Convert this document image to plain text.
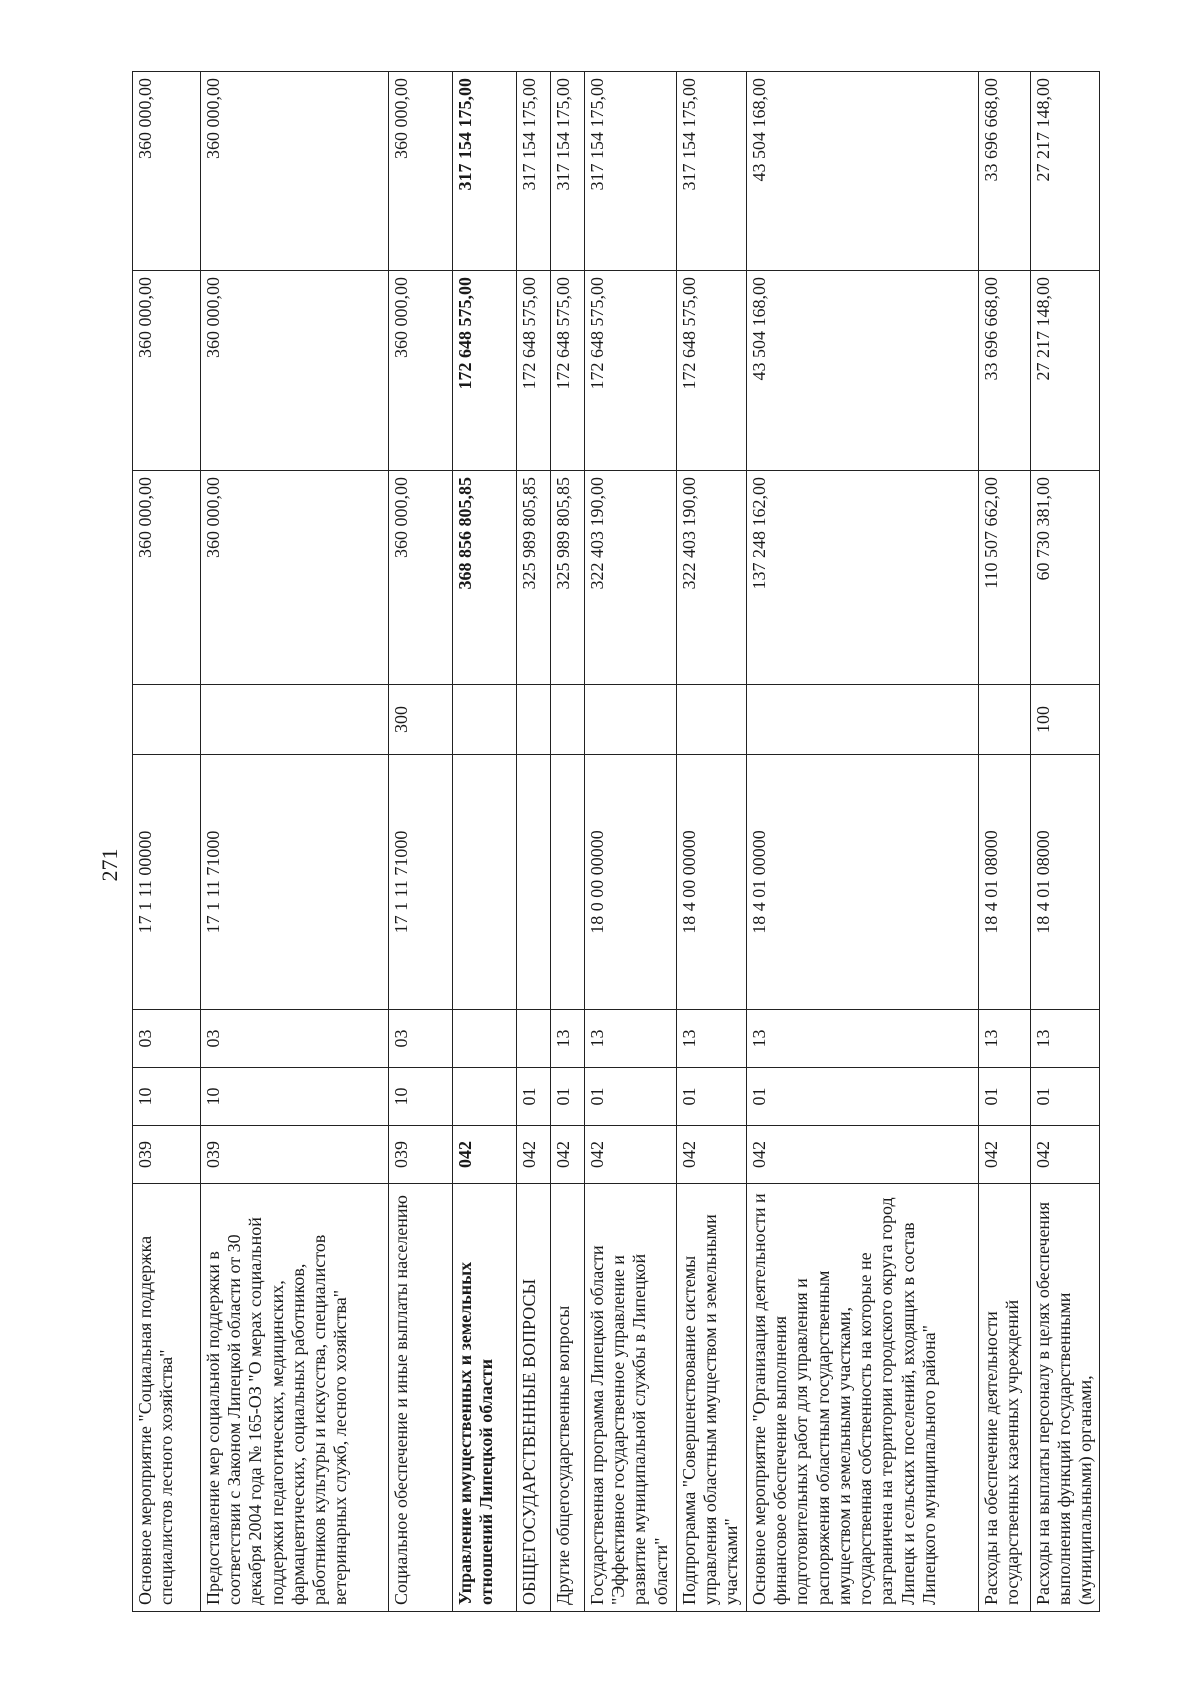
271
Основное мероприятие "Социальная поддержка специалистов лесного хозяйства"	039	10	03	17 1 11 00000		360 000,00	360 000,00	360 000,00
Предоставление мер социальной поддержки в соответствии с Законом Липецкой области от 30 декабря 2004 года № 165-ОЗ "О мерах социальной поддержки педагогических, медицинских, фармацевтических, социальных работников, работников культуры и искусства, специалистов ветеринарных служб, лесного хозяйства"	039	10	03	17 1 11 71000		360 000,00	360 000,00	360 000,00
Социальное обеспечение и иные выплаты населению	039	10	03	17 1 11 71000	300	360 000,00	360 000,00	360 000,00
Управление имущественных и земельных отношений Липецкой области	042					368 856 805,85	172 648 575,00	317 154 175,00
ОБЩЕГОСУДАРСТВЕННЫЕ ВОПРОСЫ	042	01				325 989 805,85	172 648 575,00	317 154 175,00
Другие общегосударственные вопросы	042	01	13			325 989 805,85	172 648 575,00	317 154 175,00
Государственная программа Липецкой области "Эффективное государственное управление и развитие муниципальной службы в Липецкой области"	042	01	13	18 0 00 00000		322 403 190,00	172 648 575,00	317 154 175,00
Подпрограмма "Совершенствование системы управления областным имуществом и земельными участками"	042	01	13	18 4 00 00000		322 403 190,00	172 648 575,00	317 154 175,00
Основное мероприятие "Организация деятельности и финансовое обеспечение выполнения подготовительных работ для управления и распоряжения областным государственным имуществом и земельными участками, государственная собственность на которые не разграничена на территории городского округа город Липецк и сельских поселений, входящих в состав Липецкого муниципального района"	042	01	13	18 4 01 00000		137 248 162,00	43 504 168,00	43 504 168,00
Расходы на обеспечение деятельности государственных казенных учреждений	042	01	13	18 4 01 08000		110 507 662,00	33 696 668,00	33 696 668,00
Расходы на выплаты персоналу в целях обеспечения выполнения функций государственными (муниципальными) органами,	042	01	13	18 4 01 08000	100	60 730 381,00	27 217 148,00	27 217 148,00
